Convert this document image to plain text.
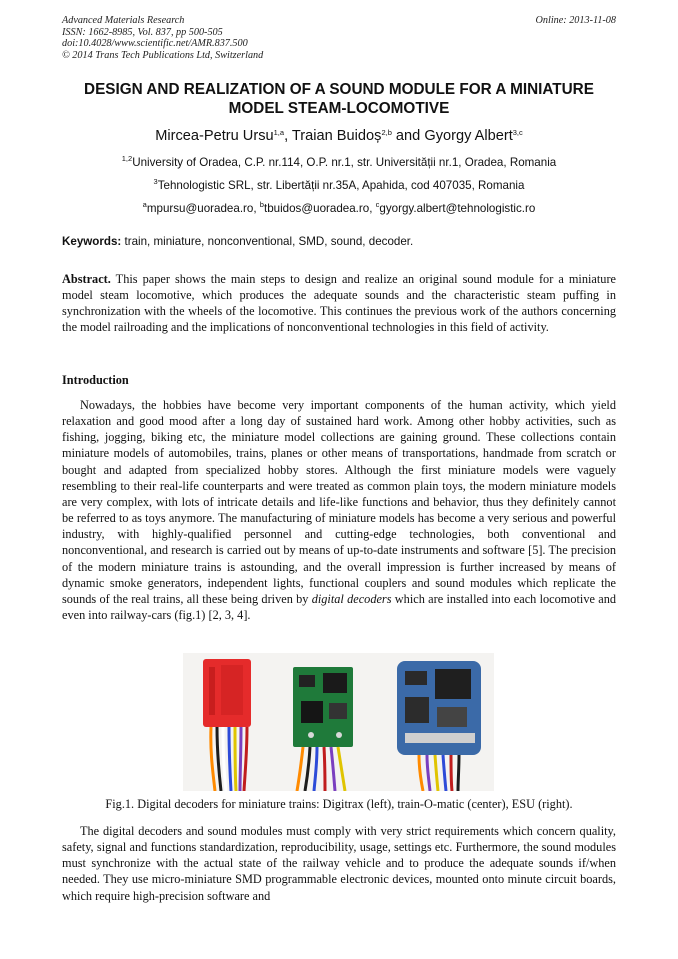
Advanced Materials Research
ISSN: 1662-8985, Vol. 837, pp 500-505
doi:10.4028/www.scientific.net/AMR.837.500
© 2014 Trans Tech Publications Ltd, Switzerland
Online: 2013-11-08
DESIGN AND REALIZATION OF A SOUND MODULE FOR A MINIATURE
MODEL STEAM-LOCOMOTIVE
Mircea-Petru Ursu$^{1,a}$, Traian Buidoș$^{2,b}$ and Gyorgy Albert$^{3,c}$
$^{1,2}$University of Oradea, C.P. nr.114, O.P. nr.1, str. Universității nr.1, Oradea, Romania
$^3$Tehnologistic SRL, str. Libertății nr.35A, Apahida, cod 407035, Romania
$^a$mpursu@uoradea.ro, $^b$tbuidos@uoradea.ro, $^c$gyorgy.albert@tehnologistic.ro
Keywords: train, miniature, nonconventional, SMD, sound, decoder.
Abstract. This paper shows the main steps to design and realize an original sound module for a miniature model steam locomotive, which produces the adequate sounds and the characteristic steam puffing in synchronization with the wheels of the locomotive. This continues the previous work of the authors concerning the model railroading and the implications of nonconventional technologies in this field of activity.
Introduction
Nowadays, the hobbies have become very important components of the human activity, which yield relaxation and good mood after a long day of sustained hard work. Among other hobby activities, such as fishing, jogging, biking etc, the miniature model collections are gaining ground. These collections contain miniature models of automobiles, trains, planes or other means of transportations, handmade from scratch or bought and adapted from specialized hobby stores. Although the first miniature models were vaguely resembling to their real-life counterparts and were treated as common plain toys, the modern miniature models are very complex, with lots of intricate details and life-like functions and behavior, thus they definitely cannot be referred to as toys anymore. The manufacturing of miniature models has become a very serious and powerful industry, with highly-qualified personnel and cutting-edge technologies, both conventional and nonconventional, and research is carried out by means of up-to-date instruments and software [5]. The precision of the modern miniature trains is astounding, and the overall impression is further increased by means of dynamic smoke generators, independent lights, functional couplers and sound modules which replicate the sounds of the real trains, all these being driven by digital decoders which are installed into each locomotive and even into railway-cars (fig.1) [2, 3, 4].
Fig.1. Digital decoders for miniature trains: Digitrax (left), train-O-matic (center), ESU (right).
The digital decoders and sound modules must comply with very strict requirements which concern quality, safety, signal and functions standardization, reproducibility, usage, settings etc. Furthermore, the sound modules must synchronize with the actual state of the railway vehicle and to produce the adequate sounds if/when needed. They use micro-miniature SMD programmable electronic devices, mounted onto minute circuit boards, which require high-precision software and
